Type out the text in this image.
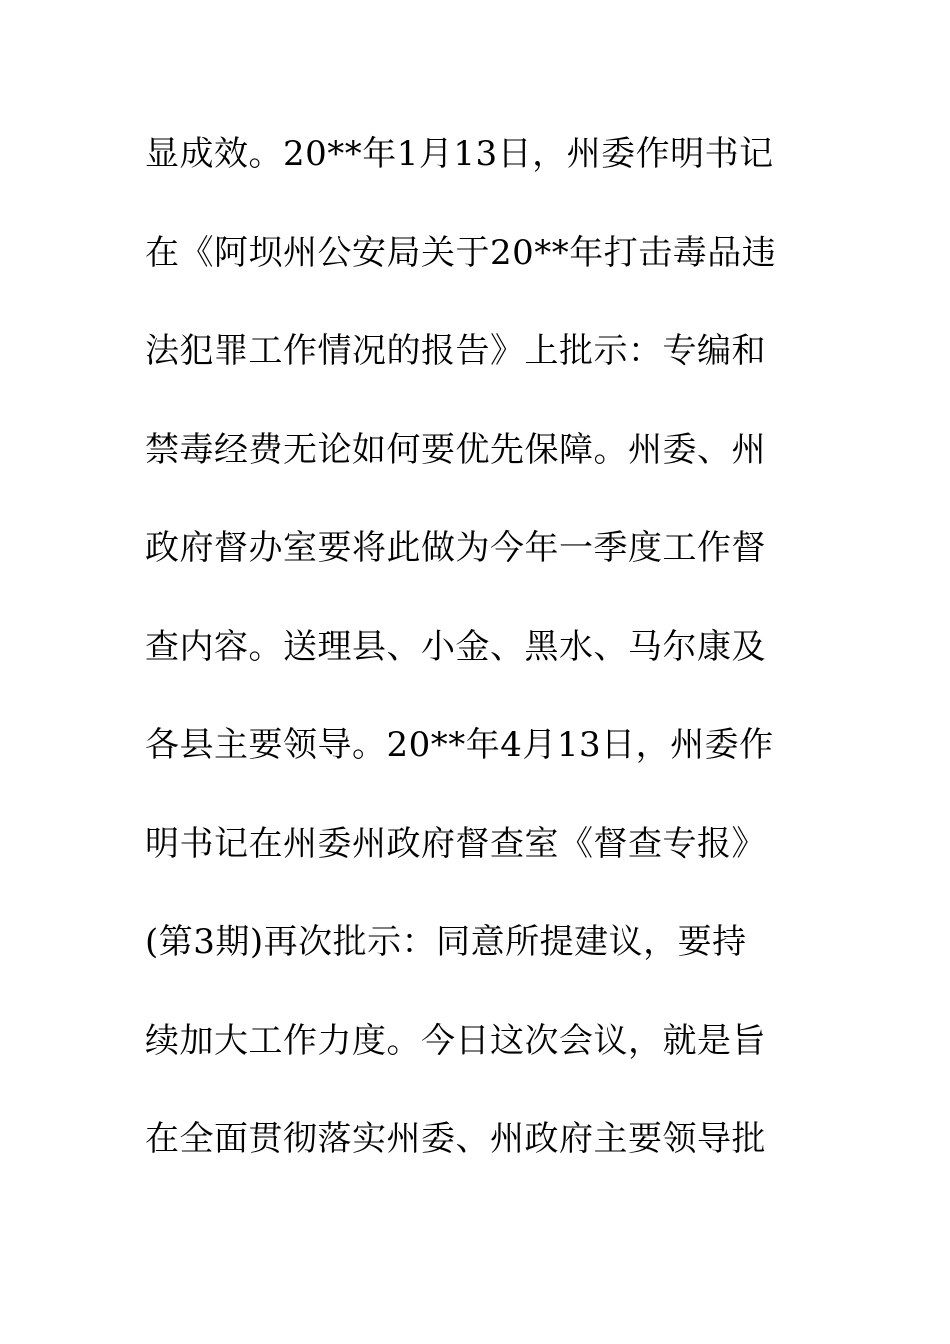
显成效。20**年1月13日，州委作明书记
在《阿坝州公安局关于20**年打击毒品违
法犯罪工作情况的报告》上批示：专编和
禁毒经费无论如何要优先保障。州委、州
政府督办室要将此做为今年一季度工作督
查内容。送理县、小金、黑水、马尔康及
各县主要领导。20**年4月13日，州委作
明书记在州委州政府督查室《督查专报》
(第3期)再次批示：同意所提建议，要持
续加大工作力度。今日这次会议，就是旨
在全面贯彻落实州委、州政府主要领导批
